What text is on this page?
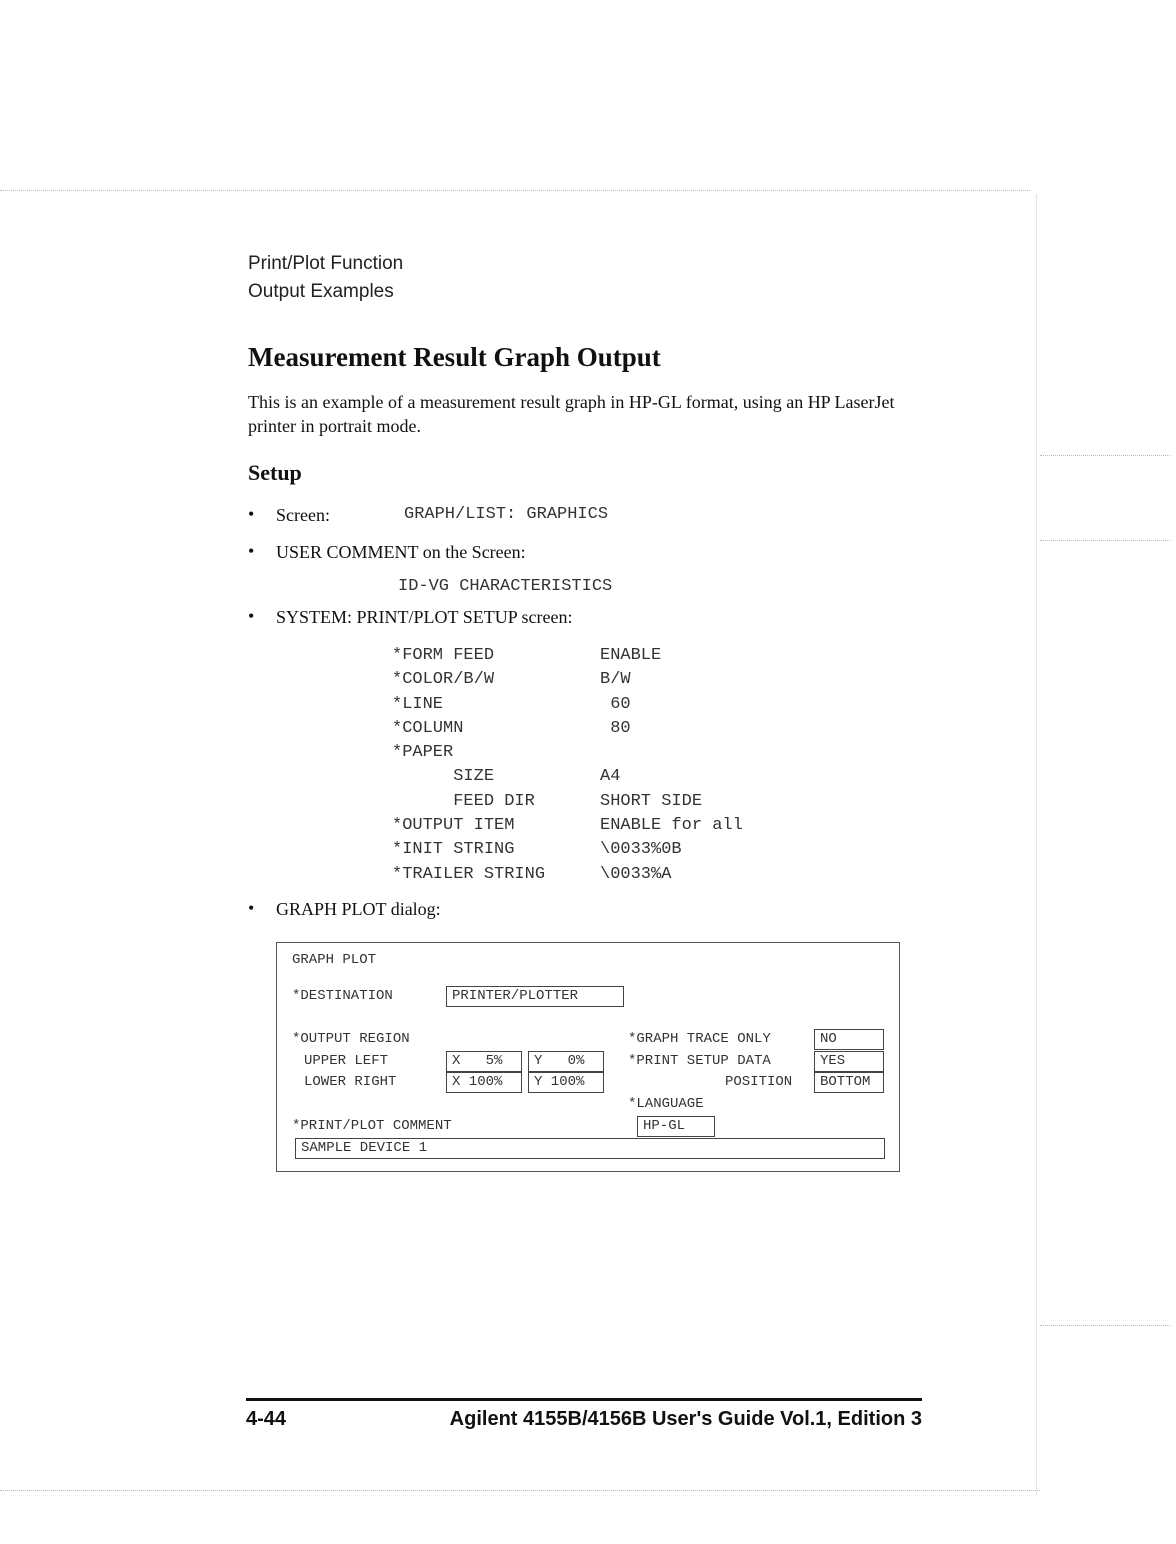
Print/Plot Function
Output Examples
Measurement Result Graph Output
This is an example of a measurement result graph in HP-GL format, using an HP LaserJet printer in portrait mode.
Setup
• Screen:	GRAPH/LIST: GRAPHICS
• USER COMMENT on the Screen:
ID-VG CHARACTERISTICS
• SYSTEM: PRINT/PLOT SETUP screen:
*FORM FEED	ENABLE
*COLOR/B/W	B/W
*LINE	60
*COLUMN	80
*PAPER
SIZE	A4
FEED DIR	SHORT SIDE
*OUTPUT ITEM	ENABLE for all
*INIT STRING	\0033%0B
*TRAILER STRING	\0033%A
• GRAPH PLOT dialog:
GRAPH PLOT
*DESTINATION	PRINTER/PLOTTER
*OUTPUT REGION
UPPER LEFT	X   5%	Y   0%
LOWER RIGHT	X 100%	Y 100%
*GRAPH TRACE ONLY	NO
*PRINT SETUP DATA	YES
POSITION	BOTTOM
*LANGUAGE
HP-GL
*PRINT/PLOT COMMENT
SAMPLE DEVICE 1
4-44	Agilent 4155B/4156B User's Guide Vol.1, Edition 3
